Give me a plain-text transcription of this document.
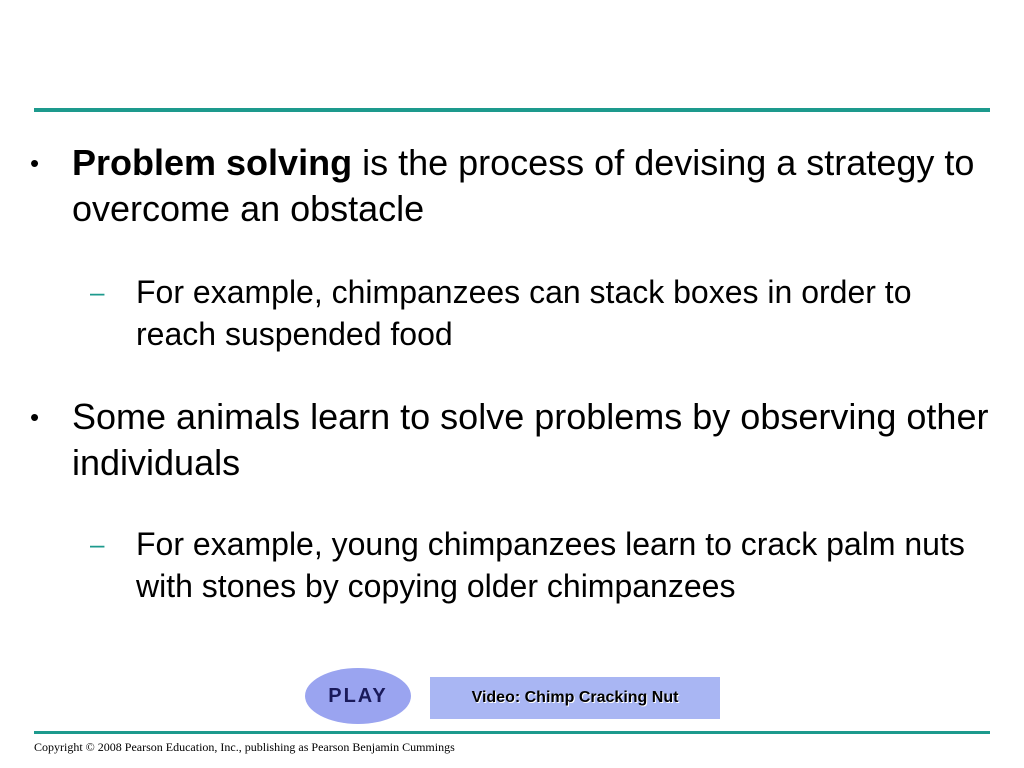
• Problem solving is the process of devising a strategy to overcome an obstacle
– For example, chimpanzees can stack boxes in order to reach suspended food
• Some animals learn to solve problems by observing other individuals
– For example, young chimpanzees learn to crack palm nuts with stones by copying older chimpanzees
PLAY	Video: Chimp Cracking Nut
Copyright © 2008 Pearson Education, Inc., publishing as Pearson Benjamin Cummings
